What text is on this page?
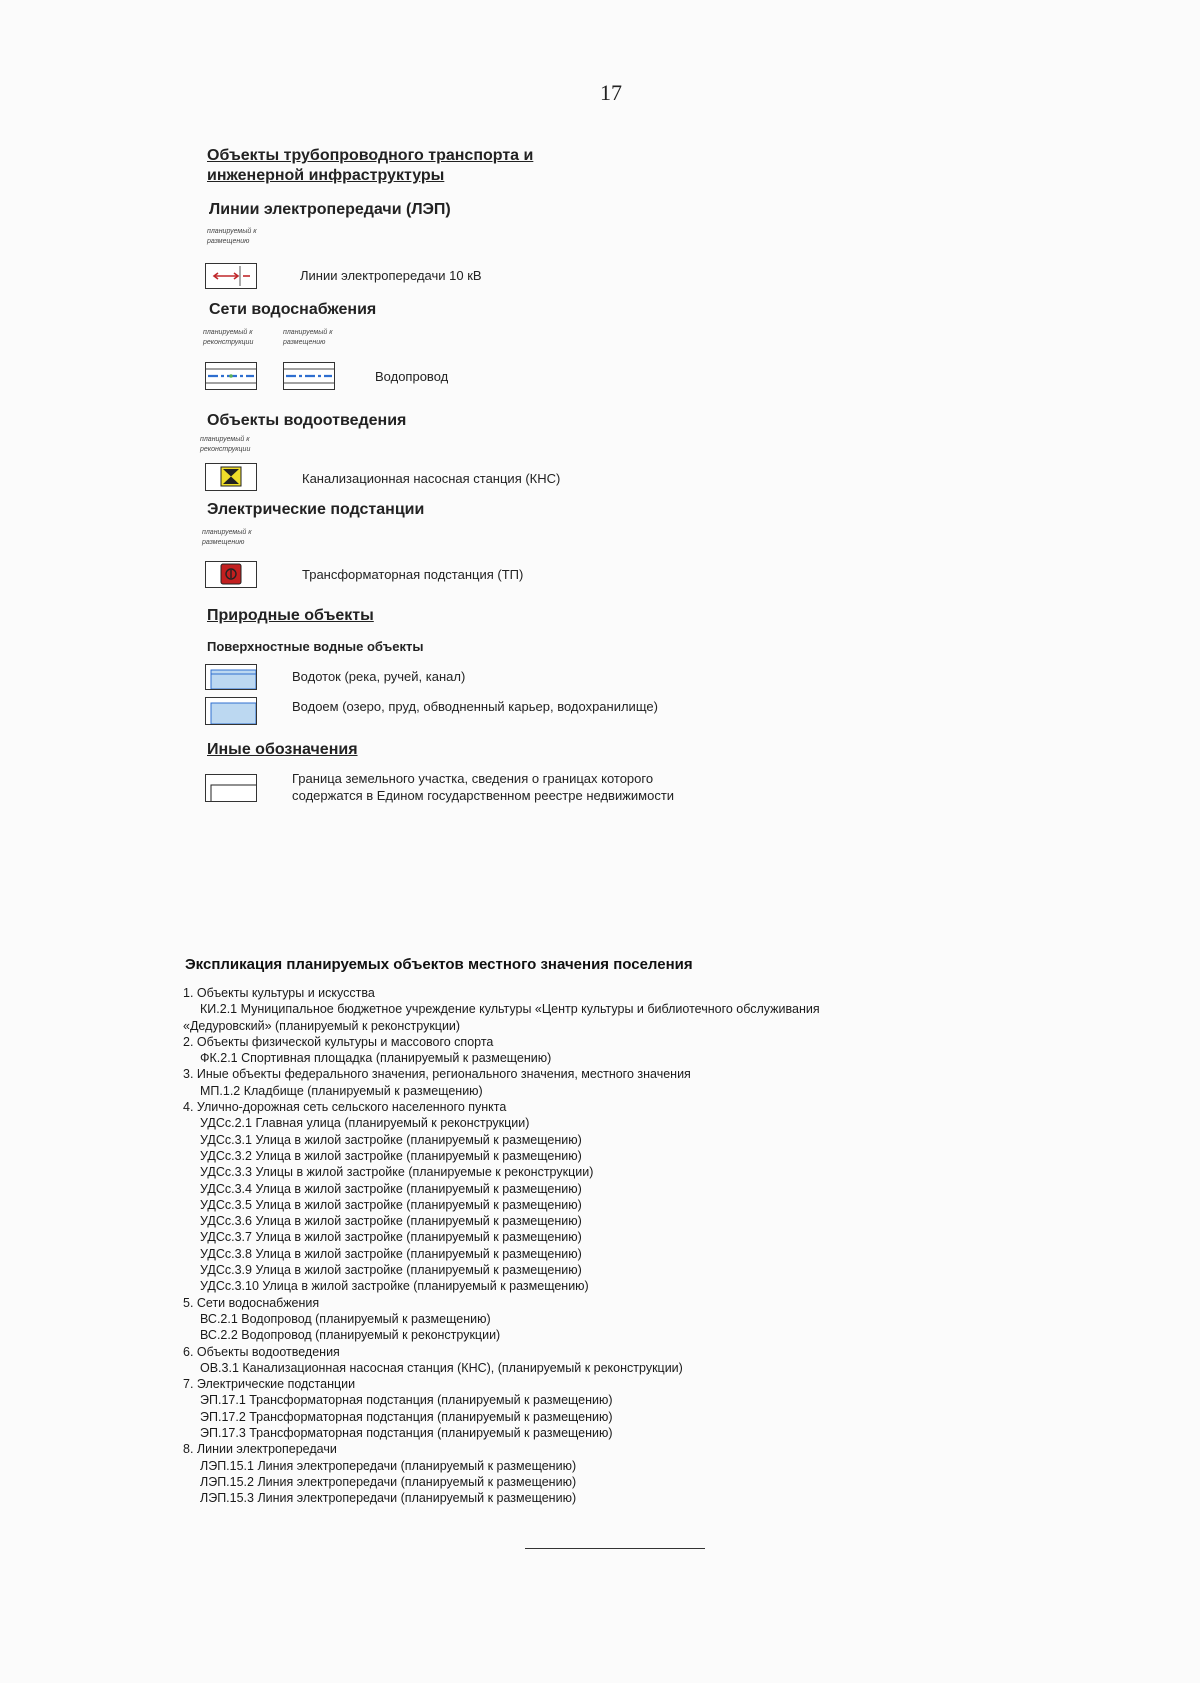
17
Объекты трубопроводного транспорта и инженерной инфраструктуры
Линии электропередачи (ЛЭП)
планируемый к размещению
Линии электропередачи 10 кВ
Сети водоснабжения
планируемый к реконструкции
планируемый к размещению
Водопровод
Объекты водоотведения
планируемый к реконструкции
Канализационная насосная станция (КНС)
Электрические подстанции
планируемый к размещению
Трансформаторная подстанция (ТП)
Природные объекты
Поверхностные водные объекты
Водоток (река, ручей, канал)
Водоем (озеро, пруд, обводненный карьер, водохранилище)
Иные обозначения
Граница земельного участка, сведения о границах которого
содержатся в Едином государственном реестре недвижимости
Экспликация планируемых объектов местного значения поселения
1. Объекты культуры и искусства
КИ.2.1 Муниципальное бюджетное учреждение культуры «Центр культуры и библиотечного обслуживания
«Дедуровский» (планируемый к реконструкции)
2. Объекты физической культуры и массового спорта
ФК.2.1 Спортивная площадка (планируемый к размещению)
3. Иные объекты федерального значения, регионального значения, местного значения
МП.1.2 Кладбище (планируемый к размещению)
4. Улично-дорожная сеть сельского населенного пункта
УДСс.2.1 Главная улица (планируемый к реконструкции)
УДСс.3.1 Улица в жилой застройке (планируемый к размещению)
УДСс.3.2 Улица в жилой застройке (планируемый к размещению)
УДСс.3.3 Улицы в жилой застройке (планируемые к реконструкции)
УДСс.3.4 Улица в жилой застройке (планируемый к размещению)
УДСс.3.5 Улица в жилой застройке (планируемый к размещению)
УДСс.3.6 Улица в жилой застройке (планируемый к размещению)
УДСс.3.7 Улица в жилой застройке (планируемый к размещению)
УДСс.3.8 Улица в жилой застройке (планируемый к размещению)
УДСс.3.9 Улица в жилой застройке (планируемый к размещению)
УДСс.3.10 Улица в жилой застройке (планируемый к размещению)
5. Сети водоснабжения
ВС.2.1 Водопровод (планируемый к размещению)
ВС.2.2 Водопровод (планируемый к реконструкции)
6. Объекты водоотведения
ОВ.3.1 Канализационная насосная станция (КНС), (планируемый к реконструкции)
7. Электрические подстанции
ЭП.17.1 Трансформаторная подстанция (планируемый к размещению)
ЭП.17.2 Трансформаторная подстанция (планируемый к размещению)
ЭП.17.3 Трансформаторная подстанция (планируемый к размещению)
8. Линии электропередачи
ЛЭП.15.1 Линия электропередачи (планируемый к размещению)
ЛЭП.15.2 Линия электропередачи (планируемый к размещению)
ЛЭП.15.3 Линия электропередачи (планируемый к размещению)
